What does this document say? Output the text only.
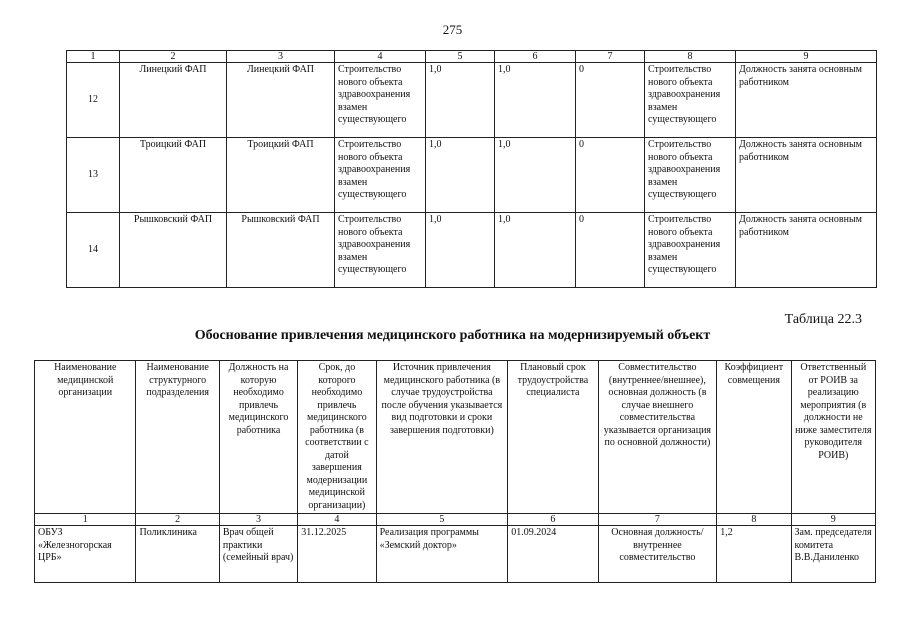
275
1	2	3	4	5	6	7	8	9
12	Линецкий ФАП	Линецкий ФАП	Строительство нового объекта здравоохранения взамен существующего	1,0	1,0	0	Строительство нового объекта здравоохранения взамен существующего	Должность занята основным работником
13	Троицкий ФАП	Троицкий ФАП	Строительство нового объекта здравоохранения взамен существующего	1,0	1,0	0	Строительство нового объекта здравоохранения взамен существующего	Должность занята основным работником
14	Рышковский ФАП	Рышковский ФАП	Строительство нового объекта здравоохранения взамен существующего	1,0	1,0	0	Строительство нового объекта здравоохранения взамен существующего	Должность занята основным работником
Таблица 22.3
Обоснование привлечения медицинского работника на модернизируемый объект
Наименование медицинской организации	Наименование структурного подразделения	Должность на которую необходимо привлечь медицинского работника	Срок, до которого необходимо привлечь медицинского работника (в соответствии с датой завершения модернизации медицинской организации)	Источник привлечения медицинского работника (в случае трудоустройства после обучения указывается вид подготовки и сроки завершения подготовки)	Плановый срок трудоустройства специалиста	Совместительство (внутреннее/внешнее), основная должность (в случае внешнего совместительства указывается организация по основной должности)	Коэффициент совмещения	Ответственный от РОИВ за реализацию мероприятия (в должности не ниже заместителя руководителя РОИВ)
1	2	3	4	5	6	7	8	9
ОБУЗ «Железногорская ЦРБ»	Поликлиника	Врач общей практики (семейный врач)	31.12.2025	Реализация программы «Земский доктор»	01.09.2024	Основная должность/внутреннее совместительство	1,2	Зам. председателя комитета В.В.Даниленко
